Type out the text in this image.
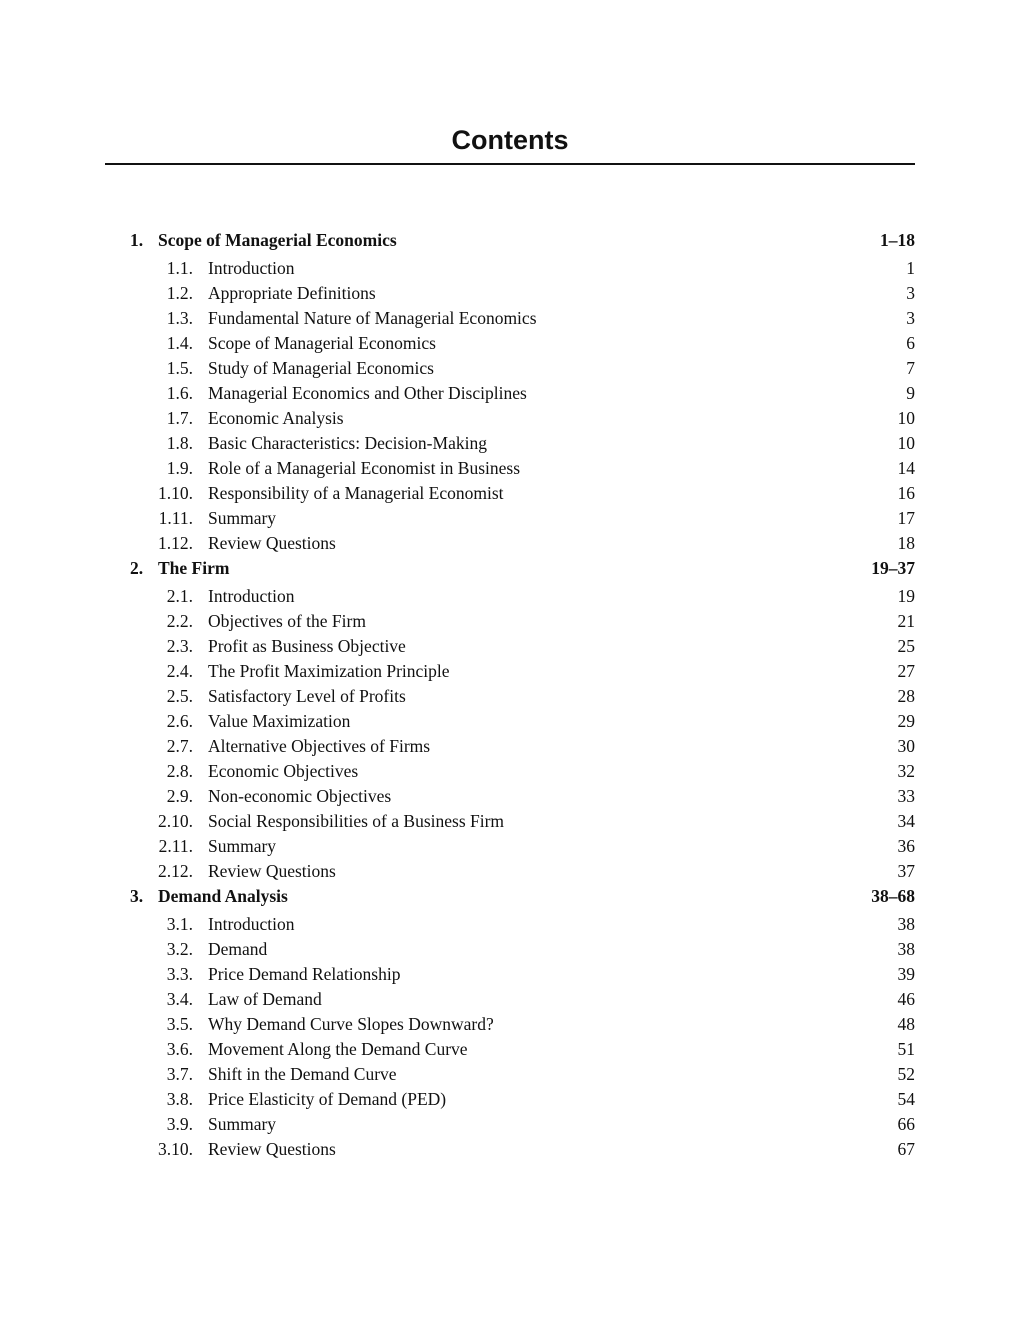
Contents
1. Scope of Managerial Economics	1–18
1.1. Introduction	1
1.2. Appropriate Definitions	3
1.3. Fundamental Nature of Managerial Economics	3
1.4. Scope of Managerial Economics	6
1.5. Study of Managerial Economics	7
1.6. Managerial Economics and Other Disciplines	9
1.7. Economic Analysis	10
1.8. Basic Characteristics: Decision-Making	10
1.9. Role of a Managerial Economist in Business	14
1.10. Responsibility of a Managerial Economist	16
1.11. Summary	17
1.12. Review Questions	18
2. The Firm	19–37
2.1. Introduction	19
2.2. Objectives of the Firm	21
2.3. Profit as Business Objective	25
2.4. The Profit Maximization Principle	27
2.5. Satisfactory Level of Profits	28
2.6. Value Maximization	29
2.7. Alternative Objectives of Firms	30
2.8. Economic Objectives	32
2.9. Non-economic Objectives	33
2.10. Social Responsibilities of a Business Firm	34
2.11. Summary	36
2.12. Review Questions	37
3. Demand Analysis	38–68
3.1. Introduction	38
3.2. Demand	38
3.3. Price Demand Relationship	39
3.4. Law of Demand	46
3.5. Why Demand Curve Slopes Downward?	48
3.6. Movement Along the Demand Curve	51
3.7. Shift in the Demand Curve	52
3.8. Price Elasticity of Demand (PED)	54
3.9. Summary	66
3.10. Review Questions	67
